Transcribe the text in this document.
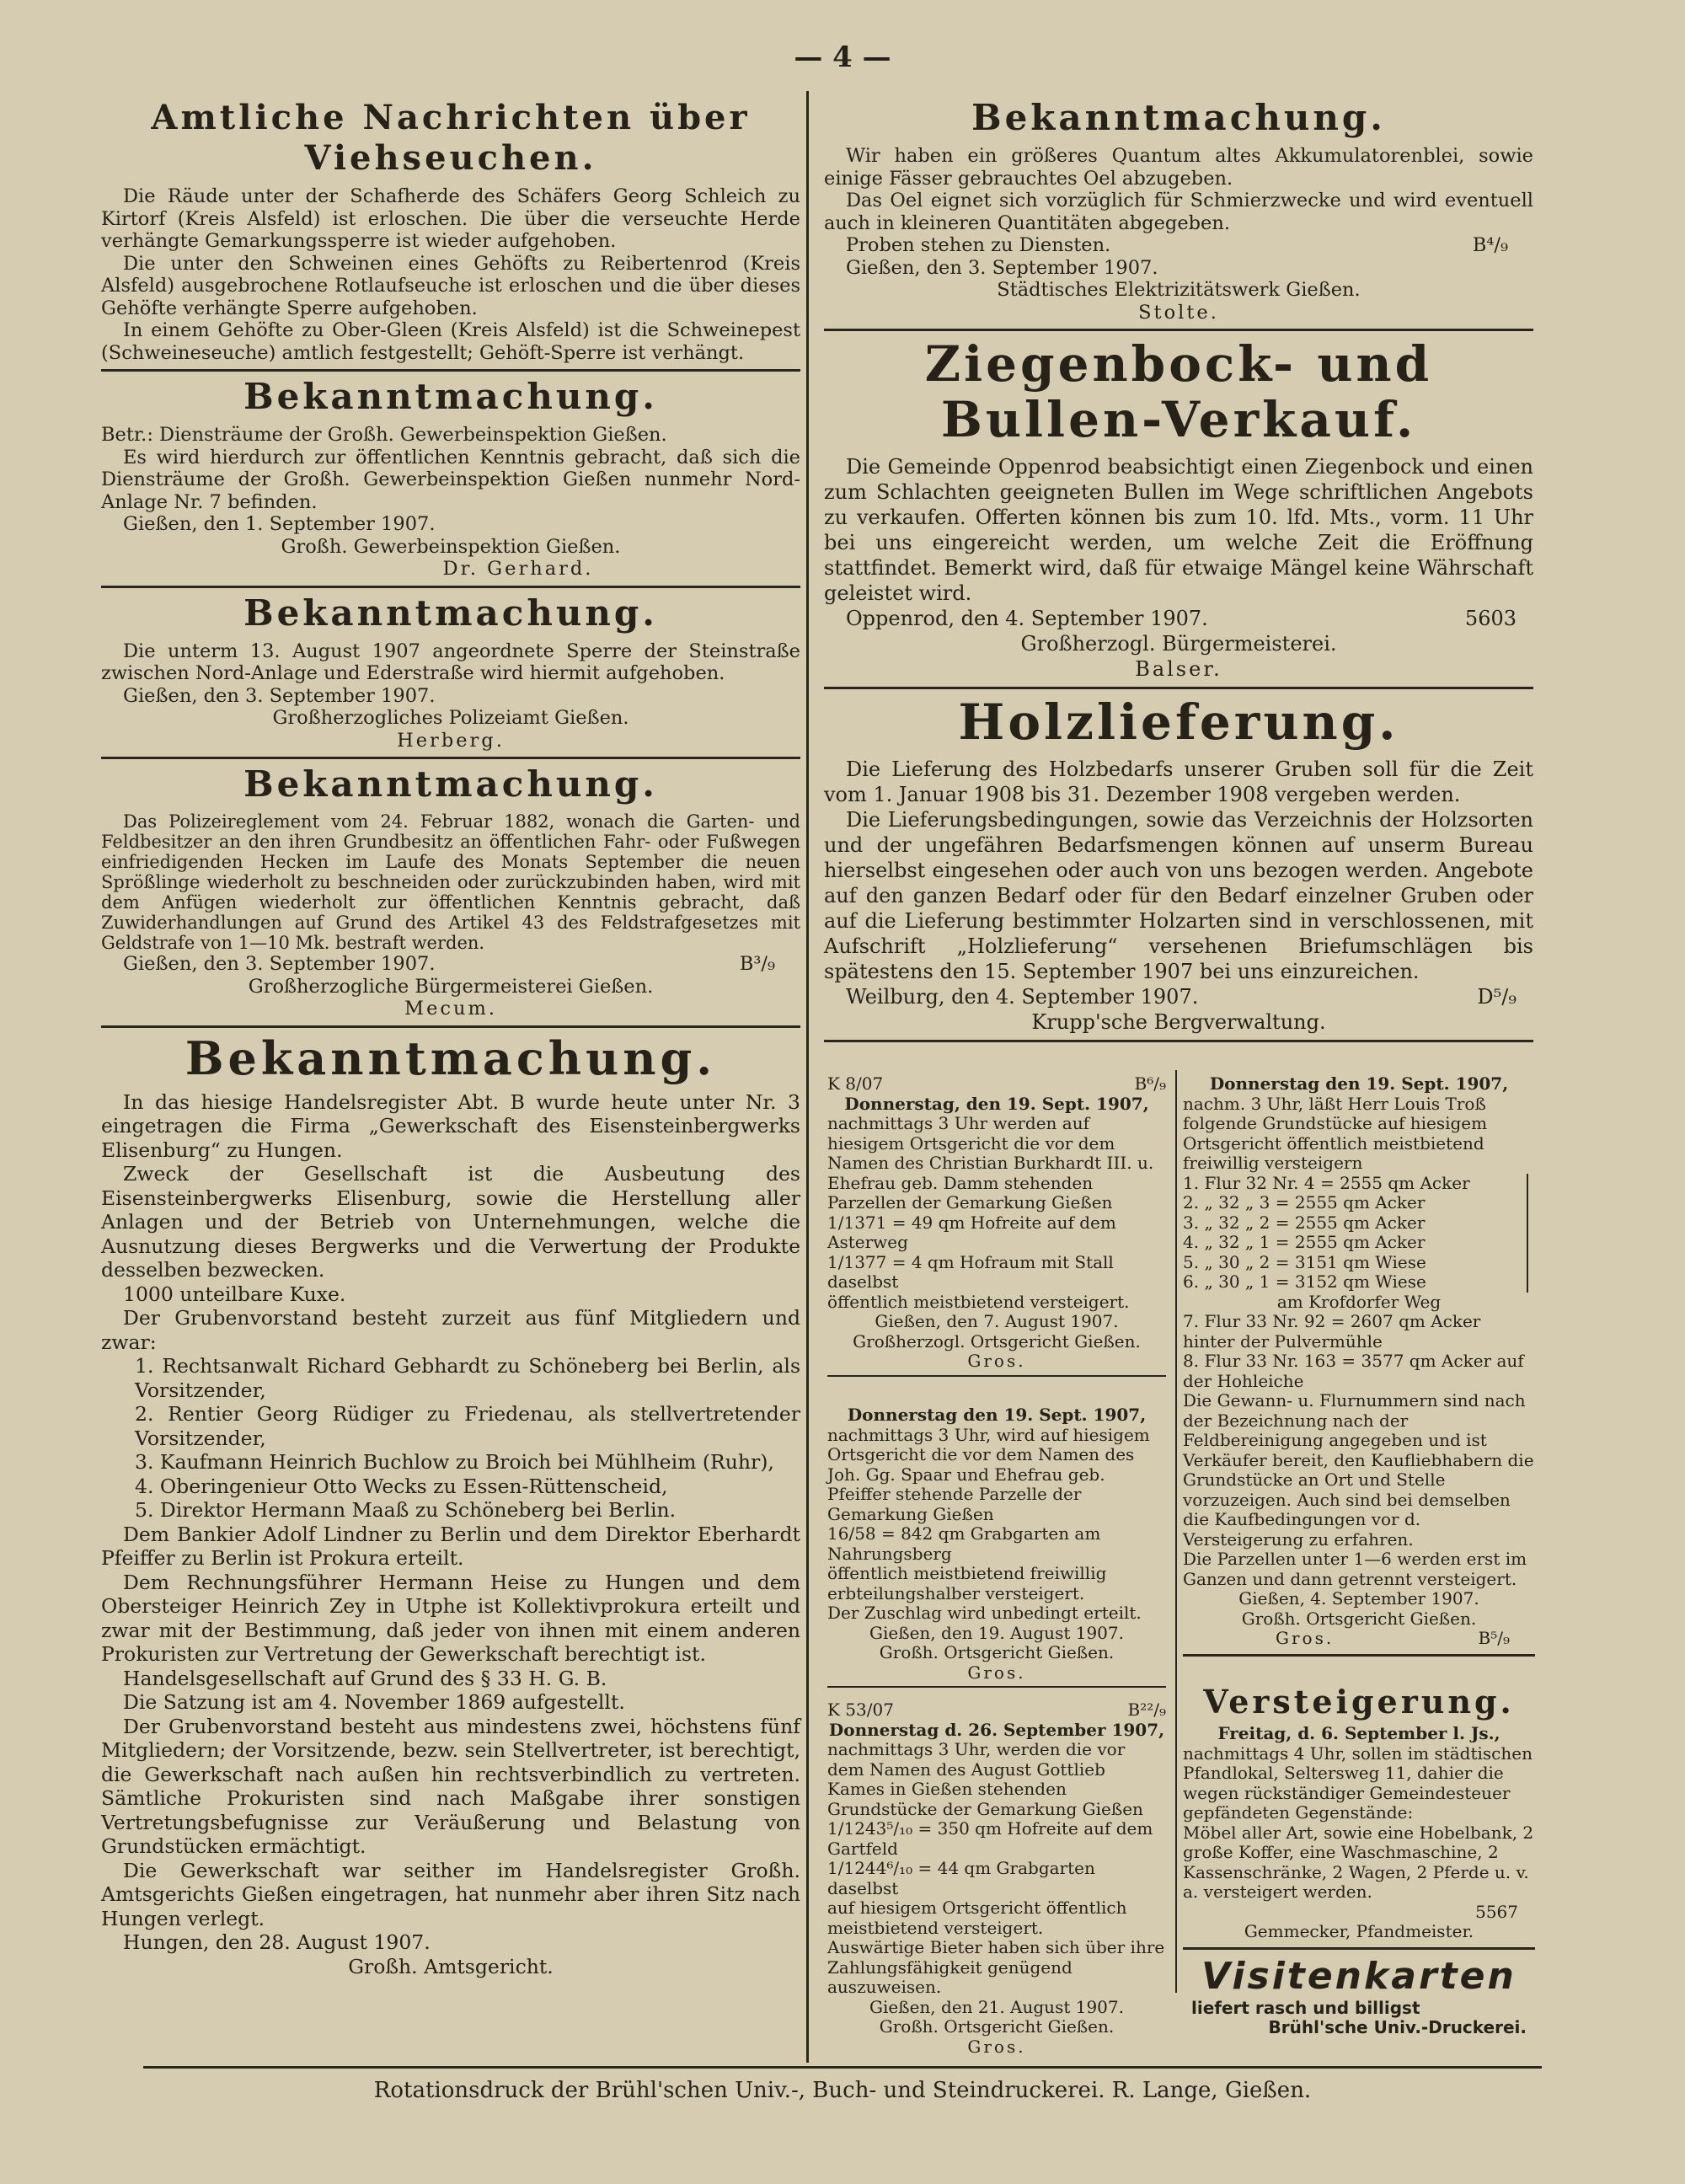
— 4 —
Amtliche Nachrichten über Viehseuchen.

Die Räude unter der Schafherde des Schäfers Georg Schleich zu Kirtorf (Kreis Alsfeld) ist erloschen. Die über die verseuchte Herde verhängte Gemarkungssperre ist wieder aufgehoben.

Die unter den Schweinen eines Gehöfts zu Reibertenrod (Kreis Alsfeld) ausgebrochene Rotlaufseuche ist erloschen und die über dieses Gehöfte verhängte Sperre aufgehoben.

In einem Gehöfte zu Ober-Gleen (Kreis Alsfeld) ist die Schweinepest (Schweineseuche) amtlich festgestellt; Gehöft-Sperre ist verhängt.

Bekanntmachung.

Betr.: Diensträume der Großh. Gewerbeinspektion Gießen.

Es wird hierdurch zur öffentlichen Kenntnis gebracht, daß sich die Diensträume der Großh. Gewerbeinspektion Gießen nunmehr Nord-Anlage Nr. 7 befinden.

Gießen, den 1. September 1907.

Großh. Gewerbeinspektion Gießen.

Dr. Gerhard.

Bekanntmachung.

Die unterm 13. August 1907 angeordnete Sperre der Steinstraße zwischen Nord-Anlage und Ederstraße wird hiermit aufgehoben.

Gießen, den 3. September 1907.

Großherzogliches Polizeiamt Gießen.

Herberg.

Bekanntmachung.

Das Polizeireglement vom 24. Februar 1882, wonach die Garten- und Feldbesitzer an den ihren Grundbesitz an öffentlichen Fahr- oder Fußwegen einfriedigenden Hecken im Laufe des Monats September die neuen Sprößlinge wiederholt zu beschneiden oder zurückzubinden haben, wird mit dem Anfügen wiederholt zur öffentlichen Kenntnis gebracht, daß Zuwiderhandlungen auf Grund des Artikel 43 des Feldstrafgesetzes mit Geldstrafe von 1—10 Mk. bestraft werden.

Gießen, den 3. September 1907.	B³/₉

Großherzogliche Bürgermeisterei Gießen.

Mecum.

Bekanntmachung.

In das hiesige Handelsregister Abt. B wurde heute unter Nr. 3 eingetragen die Firma „Gewerkschaft des Eisensteinbergwerks Elisenburg“ zu Hungen.

Zweck der Gesellschaft ist die Ausbeutung des Eisensteinbergwerks Elisenburg, sowie die Herstellung aller Anlagen und der Betrieb von Unternehmungen, welche die Ausnutzung dieses Bergwerks und die Verwertung der Produkte desselben bezwecken.

1000 unteilbare Kuxe.

Der Grubenvorstand besteht zurzeit aus fünf Mitgliedern und zwar:

1. Rechtsanwalt Richard Gebhardt zu Schöneberg bei Berlin, als Vorsitzender,
2. Rentier Georg Rüdiger zu Friedenau, als stellvertretender Vorsitzender,
3. Kaufmann Heinrich Buchlow zu Broich bei Mühlheim (Ruhr),
4. Oberingenieur Otto Wecks zu Essen-Rüttenscheid,
5. Direktor Hermann Maaß zu Schöneberg bei Berlin.

Dem Bankier Adolf Lindner zu Berlin und dem Direktor Eberhardt Pfeiffer zu Berlin ist Prokura erteilt.

Dem Rechnungsführer Hermann Heise zu Hungen und dem Obersteiger Heinrich Zey in Utphe ist Kollektivprokura erteilt und zwar mit der Bestimmung, daß jeder von ihnen mit einem anderen Prokuristen zur Vertretung der Gewerkschaft berechtigt ist.

Handelsgesellschaft auf Grund des § 33 H. G. B.

Die Satzung ist am 4. November 1869 aufgestellt.

Der Grubenvorstand besteht aus mindestens zwei, höchstens fünf Mitgliedern; der Vorsitzende, bezw. sein Stellvertreter, ist berechtigt, die Gewerkschaft nach außen hin rechtsverbindlich zu vertreten. Sämtliche Prokuristen sind nach Maßgabe ihrer sonstigen Vertretungsbefugnisse zur Veräußerung und Belastung von Grundstücken ermächtigt.

Die Gewerkschaft war seither im Handelsregister Großh. Amtsgerichts Gießen eingetragen, hat nunmehr aber ihren Sitz nach Hungen verlegt.

Hungen, den 28. August 1907.

Großh. Amtsgericht.

Bekanntmachung.

Wir haben ein größeres Quantum altes Akkumulatorenblei, sowie einige Fässer gebrauchtes Oel abzugeben.

Das Oel eignet sich vorzüglich für Schmierzwecke und wird eventuell auch in kleineren Quantitäten abgegeben.

Proben stehen zu Diensten.	B⁴/₉

Gießen, den 3. September 1907.

Städtisches Elektrizitätswerk Gießen.

Stolte.

Ziegenbock- und Bullen-Verkauf.

Die Gemeinde Oppenrod beabsichtigt einen Ziegenbock und einen zum Schlachten geeigneten Bullen im Wege schriftlichen Angebots zu verkaufen. Offerten können bis zum 10. lfd. Mts., vorm. 11 Uhr bei uns eingereicht werden, um welche Zeit die Eröffnung stattfindet. Bemerkt wird, daß für etwaige Mängel keine Währschaft geleistet wird.

Oppenrod, den 4. September 1907.	5603

Großherzogl. Bürgermeisterei.

Balser.

Holzlieferung.

Die Lieferung des Holzbedarfs unserer Gruben soll für die Zeit vom 1. Januar 1908 bis 31. Dezember 1908 vergeben werden.

Die Lieferungsbedingungen, sowie das Verzeichnis der Holzsorten und der ungefähren Bedarfsmengen können auf unserm Bureau hierselbst eingesehen oder auch von uns bezogen werden. Angebote auf den ganzen Bedarf oder für den Bedarf einzelner Gruben oder auf die Lieferung bestimmter Holzarten sind in verschlossenen, mit Aufschrift „Holzlieferung“ versehenen Briefumschlägen bis spätestens den 15. September 1907 bei uns einzureichen.

Weilburg, den 4. September 1907.	D⁵/₉

Krupp'sche Bergverwaltung.

K 8/07	B⁶/₉

Donnerstag, den 19. Sept. 1907,

nachmittags 3 Uhr werden auf hiesigem Ortsgericht die vor dem Namen des Christian Burkhardt III. u. Ehefrau geb. Damm stehenden Parzellen der Gemarkung Gießen

1/1371 = 49 qm Hofreite auf dem Asterweg

1/1377 = 4 qm Hofraum mit Stall daselbst

öffentlich meistbietend versteigert.

Gießen, den 7. August 1907.

Großherzogl. Ortsgericht Gießen.

Gros.

Donnerstag den 19. Sept. 1907,

nachmittags 3 Uhr, wird auf hiesigem Ortsgericht die vor dem Namen des Joh. Gg. Spaar und Ehefrau geb. Pfeiffer stehende Parzelle der Gemarkung Gießen

16/58 = 842 qm Grabgarten am Nahrungsberg

öffentlich meistbietend freiwillig erbteilungshalber versteigert.

Der Zuschlag wird unbedingt erteilt.

Gießen, den 19. August 1907.

Großh. Ortsgericht Gießen.

Gros.

K 53/07	B²²/₉

Donnerstag d. 26. September 1907,

nachmittags 3 Uhr, werden die vor dem Namen des August Gottlieb Kames in Gießen stehenden Grundstücke der Gemarkung Gießen

1/1243⁵/₁₀ = 350 qm Hofreite auf dem Gartfeld

1/1244⁶/₁₀ = 44 qm Grabgarten daselbst

auf hiesigem Ortsgericht öffentlich meistbietend versteigert.

Auswärtige Bieter haben sich über ihre Zahlungsfähigkeit genügend auszuweisen.

Gießen, den 21. August 1907.

Großh. Ortsgericht Gießen.

Gros.

Donnerstag den 19. Sept. 1907,

nachm. 3 Uhr, läßt Herr Louis Troß folgende Grundstücke auf hiesigem Ortsgericht öffentlich meistbietend freiwillig versteigern

1. Flur 32 Nr. 4 = 2555 qm Acker

2. „ 32 „ 3 = 2555 qm Acker

3. „ 32 „ 2 = 2555 qm Acker

4. „ 32 „ 1 = 2555 qm Acker

5. „ 30 „ 2 = 3151 qm Wiese

6. „ 30 „ 1 = 3152 qm Wiese

am Krofdorfer Weg

7. Flur 33 Nr. 92 = 2607 qm Acker hinter der Pulvermühle

8. Flur 33 Nr. 163 = 3577 qm Acker auf der Hohleiche

Die Gewann- u. Flurnummern sind nach der Bezeichnung nach der Feldbereinigung angegeben und ist Verkäufer bereit, den Kaufliebhabern die Grundstücke an Ort und Stelle vorzuzeigen. Auch sind bei demselben die Kaufbedingungen vor d. Versteigerung zu erfahren.

Die Parzellen unter 1—6 werden erst im Ganzen und dann getrennt versteigert.

Gießen, 4. September 1907.

Großh. Ortsgericht Gießen.

Gros.	B⁵/₉

Versteigerung.

Freitag, d. 6. September l. Js.,

nachmittags 4 Uhr, sollen im städtischen Pfandlokal, Seltersweg 11, dahier die wegen rückständiger Gemeindesteuer gepfändeten Gegenstände:

Möbel aller Art, sowie eine Hobelbank, 2 große Koffer, eine Waschmaschine, 2 Kassenschränke, 2 Wagen, 2 Pferde u. v. a. versteigert werden.

5567

Gemmecker, Pfandmeister.

Visitenkarten

liefert rasch und billigst

Brühl'sche Univ.-Druckerei.

Rotationsdruck der Brühl'schen Univ.-, Buch- und Steindruckerei. R. Lange, Gießen.
